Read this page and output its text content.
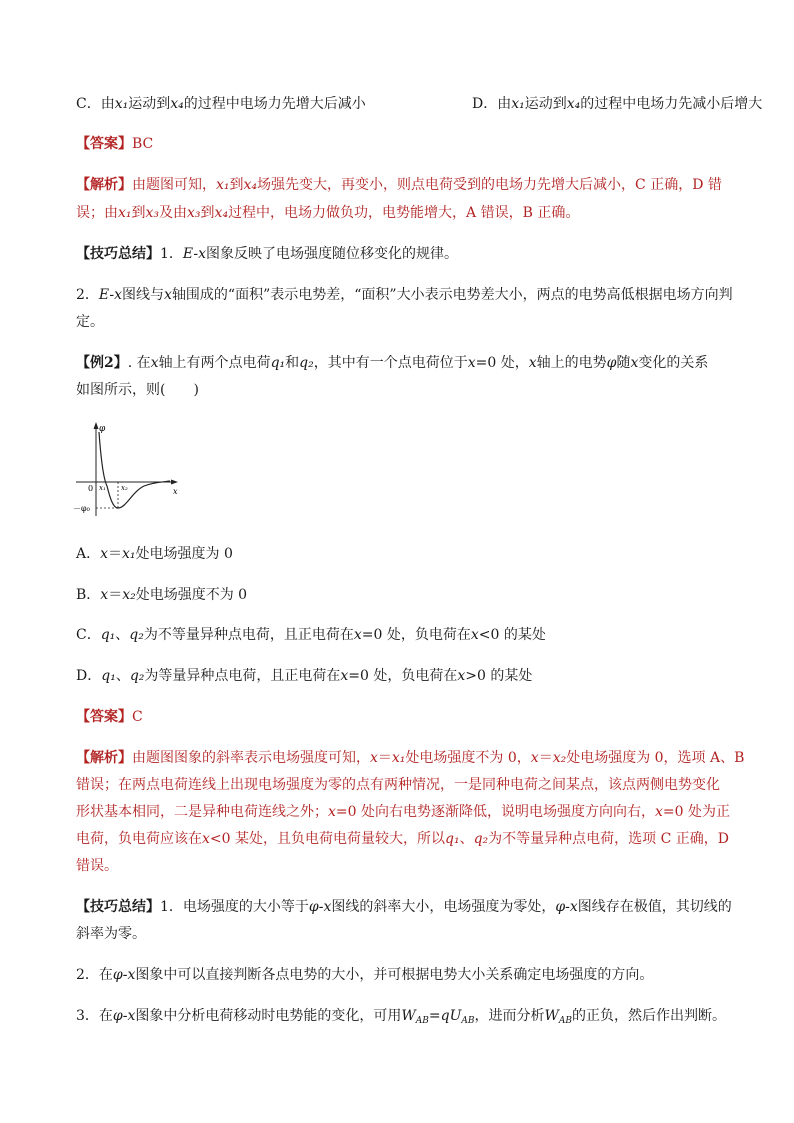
C．由x₁运动到x₄的过程中电场力先增大后减小	D．由x₁运动到x₄的过程中电场力先减小后增大
【答案】BC
【解析】由题图可知，x₁到x₄场强先变大，再变小，则点电荷受到的电场力先增大后减小，C 正确，D 错
误；由x₁到x₃及由x₃到x₄过程中，电场力做负功，电势能增大，A 错误，B 正确。
【技巧总结】1．E-x图象反映了电场强度随位移变化的规律。
2．E-x图线与x轴围成的“面积”表示电势差，“面积”大小表示电势差大小，两点的电势高低根据电场方向判
定。
【例2】. 在x轴上有两个点电荷q₁和q₂，其中有一个点电荷位于x=0 处，x轴上的电势φ随x变化的关系
如图所示，则(　　)
φ
0 x₁ x₂	x
－φ₀
A．x＝x₁处电场强度为 0
B．x＝x₂处电场强度不为 0
C．q₁、q₂为不等量异种点电荷，且正电荷在x=0 处，负电荷在x<0 的某处
D．q₁、q₂为等量异种点电荷，且正电荷在x=0 处，负电荷在x>0 的某处
【答案】C
【解析】由题图图象的斜率表示电场强度可知，x＝x₁处电场强度不为 0，x＝x₂处电场强度为 0，选项 A、B
错误；在两点电荷连线上出现电场强度为零的点有两种情况，一是同种电荷之间某点，该点两侧电势变化
形状基本相同，二是异种电荷连线之外；x=0 处向右电势逐渐降低，说明电场强度方向向右，x=0 处为正
电荷，负电荷应该在x<0 某处，且负电荷电荷量较大，所以q₁、q₂为不等量异种点电荷，选项 C 正确，D
错误。
【技巧总结】1．电场强度的大小等于φ-x图线的斜率大小，电场强度为零处，φ-x图线存在极值，其切线的
斜率为零。
2．在φ-x图象中可以直接判断各点电势的大小，并可根据电势大小关系确定电场强度的方向。
3．在φ-x图象中分析电荷移动时电势能的变化，可用$W_{AB}=qU_{AB}$，进而分析$W_{AB}$的正负，然后作出判断。
